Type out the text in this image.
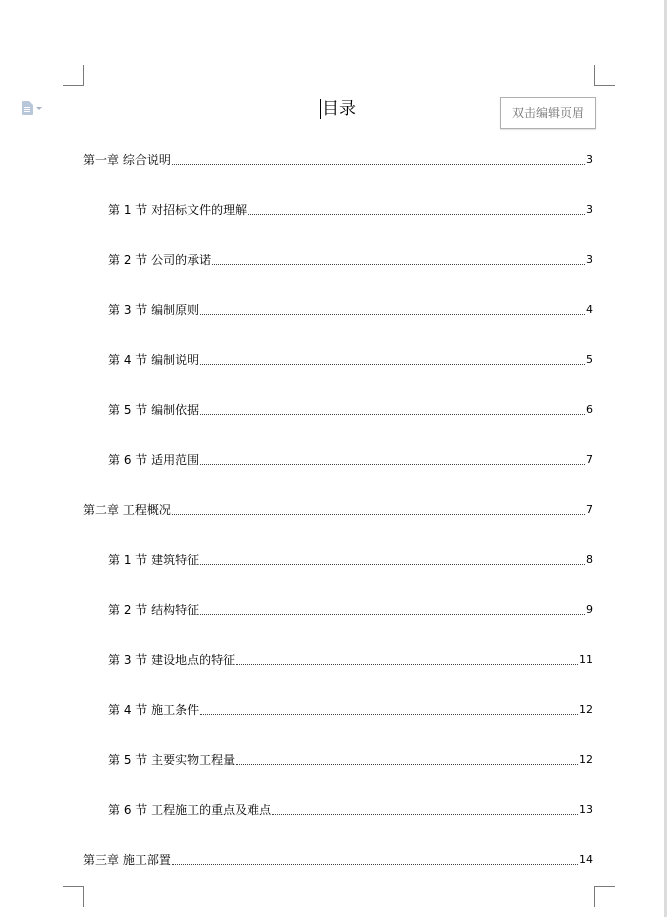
目录	双击编辑页眉
第一章 综合说明	3
第 1 节 对招标文件的理解	3
第 2 节 公司的承诺	3
第 3 节 编制原则	4
第 4 节 编制说明	5
第 5 节 编制依据	6
第 6 节 适用范围	7
第二章 工程概况	7
第 1 节 建筑特征	8
第 2 节 结构特征	9
第 3 节 建设地点的特征	11
第 4 节 施工条件	12
第 5 节 主要实物工程量	12
第 6 节 工程施工的重点及难点	13
第三章 施工部置	14
